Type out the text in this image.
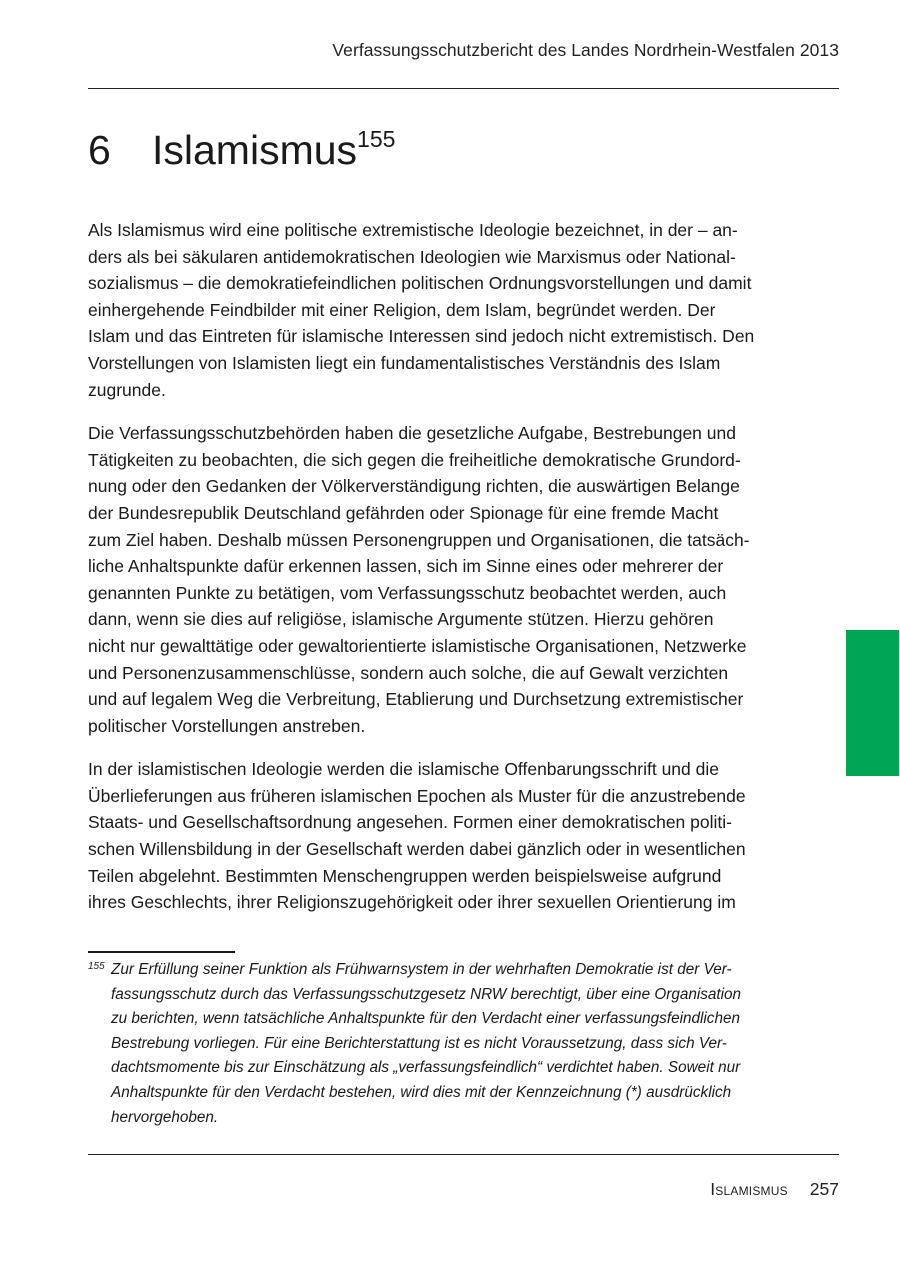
Verfassungsschutzbericht des Landes Nordrhein-Westfalen 2013
6 Islamismus$^{155}$
Als Islamismus wird eine politische extremistische Ideologie bezeichnet, in der – an-
ders als bei säkularen antidemokratischen Ideologien wie Marxismus oder National-
sozialismus – die demokratiefeindlichen politischen Ordnungsvorstellungen und damit
einhergehende Feindbilder mit einer Religion, dem Islam, begründet werden. Der
Islam und das Eintreten für islamische Interessen sind jedoch nicht extremistisch. Den
Vorstellungen von Islamisten liegt ein fundamentalistisches Verständnis des Islam
zugrunde.
Die Verfassungsschutzbehörden haben die gesetzliche Aufgabe, Bestrebungen und
Tätigkeiten zu beobachten, die sich gegen die freiheitliche demokratische Grundord-
nung oder den Gedanken der Völkerverständigung richten, die auswärtigen Belange
der Bundesrepublik Deutschland gefährden oder Spionage für eine fremde Macht
zum Ziel haben. Deshalb müssen Personengruppen und Organisationen, die tatsäch-
liche Anhaltspunkte dafür erkennen lassen, sich im Sinne eines oder mehrerer der
genannten Punkte zu betätigen, vom Verfassungsschutz beobachtet werden, auch
dann, wenn sie dies auf religiöse, islamische Argumente stützen. Hierzu gehören
nicht nur gewalttätige oder gewaltorientierte islamistische Organisationen, Netzwerke
und Personenzusammenschlüsse, sondern auch solche, die auf Gewalt verzichten
und auf legalem Weg die Verbreitung, Etablierung und Durchsetzung extremistischer
politischer Vorstellungen anstreben.
In der islamistischen Ideologie werden die islamische Offenbarungsschrift und die
Überlieferungen aus früheren islamischen Epochen als Muster für die anzustrebende
Staats- und Gesellschaftsordnung angesehen. Formen einer demokratischen politi-
schen Willensbildung in der Gesellschaft werden dabei gänzlich oder in wesentlichen
Teilen abgelehnt. Bestimmten Menschengruppen werden beispielsweise aufgrund
ihres Geschlechts, ihrer Religionszugehörigkeit oder ihrer sexuellen Orientierung im
155 Zur Erfüllung seiner Funktion als Frühwarnsystem in der wehrhaften Demokratie ist der Ver-
fassungsschutz durch das Verfassungsschutzgesetz NRW berechtigt, über eine Organisation
zu berichten, wenn tatsächliche Anhaltspunkte für den Verdacht einer verfassungsfeindlichen
Bestrebung vorliegen. Für eine Berichterstattung ist es nicht Voraussetzung, dass sich Ver-
dachtsmomente bis zur Einschätzung als „verfassungsfeindlich“ verdichtet haben. Soweit nur
Anhaltspunkte für den Verdacht bestehen, wird dies mit der Kennzeichnung (*) ausdrücklich
hervorgehoben.
Islamismus 257
